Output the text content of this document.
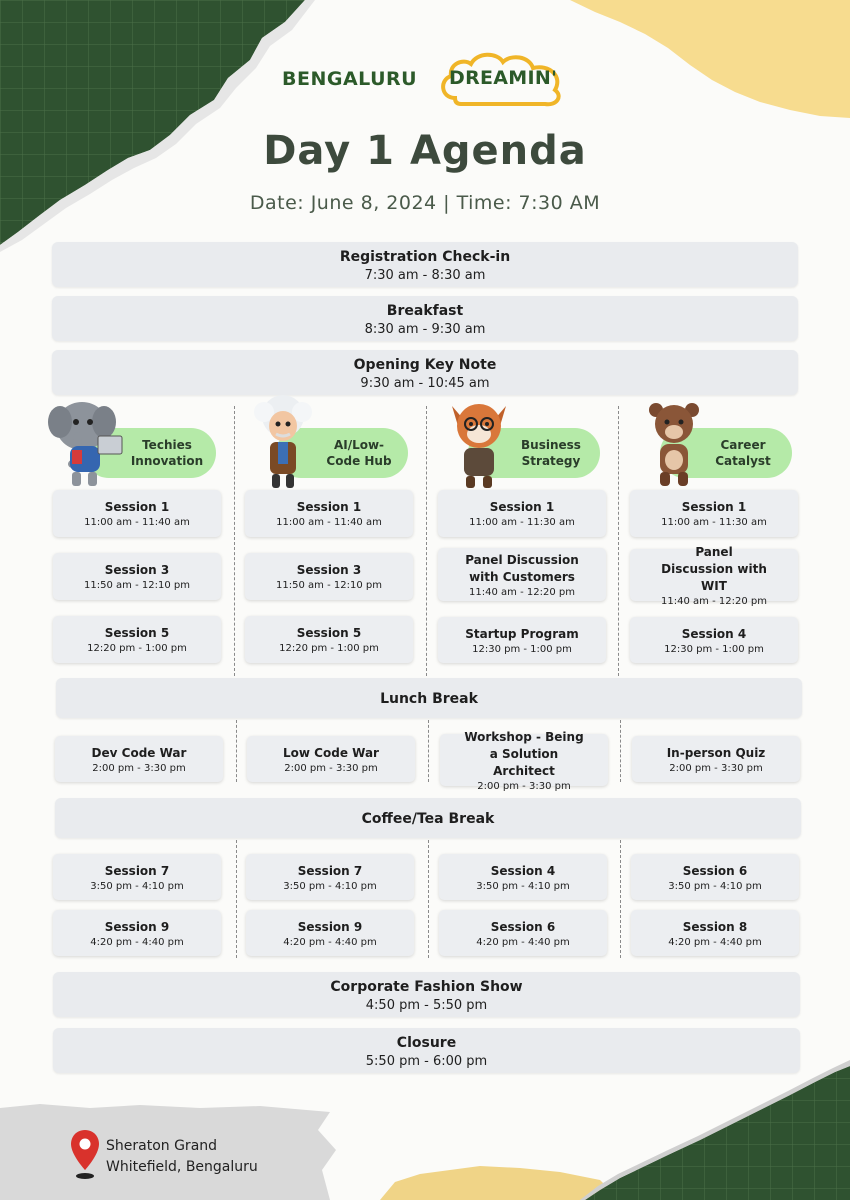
BENGALURU DREAMIN'
Day 1 Agenda
Date: June 8, 2024 | Time: 7:30 AM
Registration Check-in
7:30 am - 8:30 am
Breakfast
8:30 am - 9:30 am
Opening Key Note
9:30 am - 10:45 am
Techies
Innovation
AI/Low-
Code Hub
Business
Strategy
Career
Catalyst
Session 1
11:00 am - 11:40 am
Session 3
11:50 am - 12:10 pm
Session 5
12:20 pm - 1:00 pm
Session 1
11:00 am - 11:40 am
Session 3
11:50 am - 12:10 pm
Session 5
12:20 pm - 1:00 pm
Session 1
11:00 am - 11:30 am
Panel Discussion with Customers
11:40 am - 12:20 pm
Startup Program
12:30 pm - 1:00 pm
Session 1
11:00 am - 11:30 am
Panel Discussion with WIT
11:40 am - 12:20 pm
Session 4
12:30 pm - 1:00 pm
Lunch Break
Dev Code War
2:00 pm - 3:30 pm
Low Code War
2:00 pm - 3:30 pm
Workshop - Being a Solution Architect
2:00 pm - 3:30 pm
In-person Quiz
2:00 pm - 3:30 pm
Coffee/Tea Break
Session 7
3:50 pm - 4:10 pm
Session 9
4:20 pm - 4:40 pm
Session 7
3:50 pm - 4:10 pm
Session 9
4:20 pm - 4:40 pm
Session 4
3:50 pm - 4:10 pm
Session 6
4:20 pm - 4:40 pm
Session 6
3:50 pm - 4:10 pm
Session 8
4:20 pm - 4:40 pm
Corporate Fashion Show
4:50 pm - 5:50 pm
Closure
5:50 pm - 6:00 pm
Sheraton Grand
Whitefield, Bengaluru
